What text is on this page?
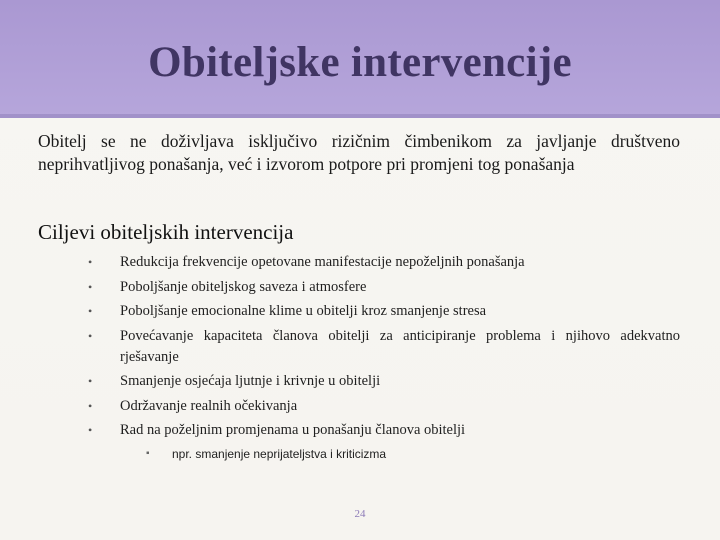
Obiteljske intervencije
Obitelj se ne doživljava isključivo rizičnim čimbenikom za javljanje društveno neprihvatljivog ponašanja, već i izvorom potpore pri promjeni tog ponašanja
Ciljevi obiteljskih intervencija
• Redukcija frekvencije opetovane manifestacije nepoželjnih ponašanja
• Poboljšanje obiteljskog saveza i atmosfere
• Poboljšanje emocionalne klime u obitelji kroz smanjenje stresa
• Povećavanje kapaciteta članova obitelji za anticipiranje problema i njihovo adekvatno rješavanje
• Smanjenje osjećaja ljutnje i krivnje u obitelji
• Održavanje realnih očekivanja
• Rad na poželjnim promjenama u ponašanju članova obitelji
▪ npr. smanjenje neprijateljstva i kriticizma
24
